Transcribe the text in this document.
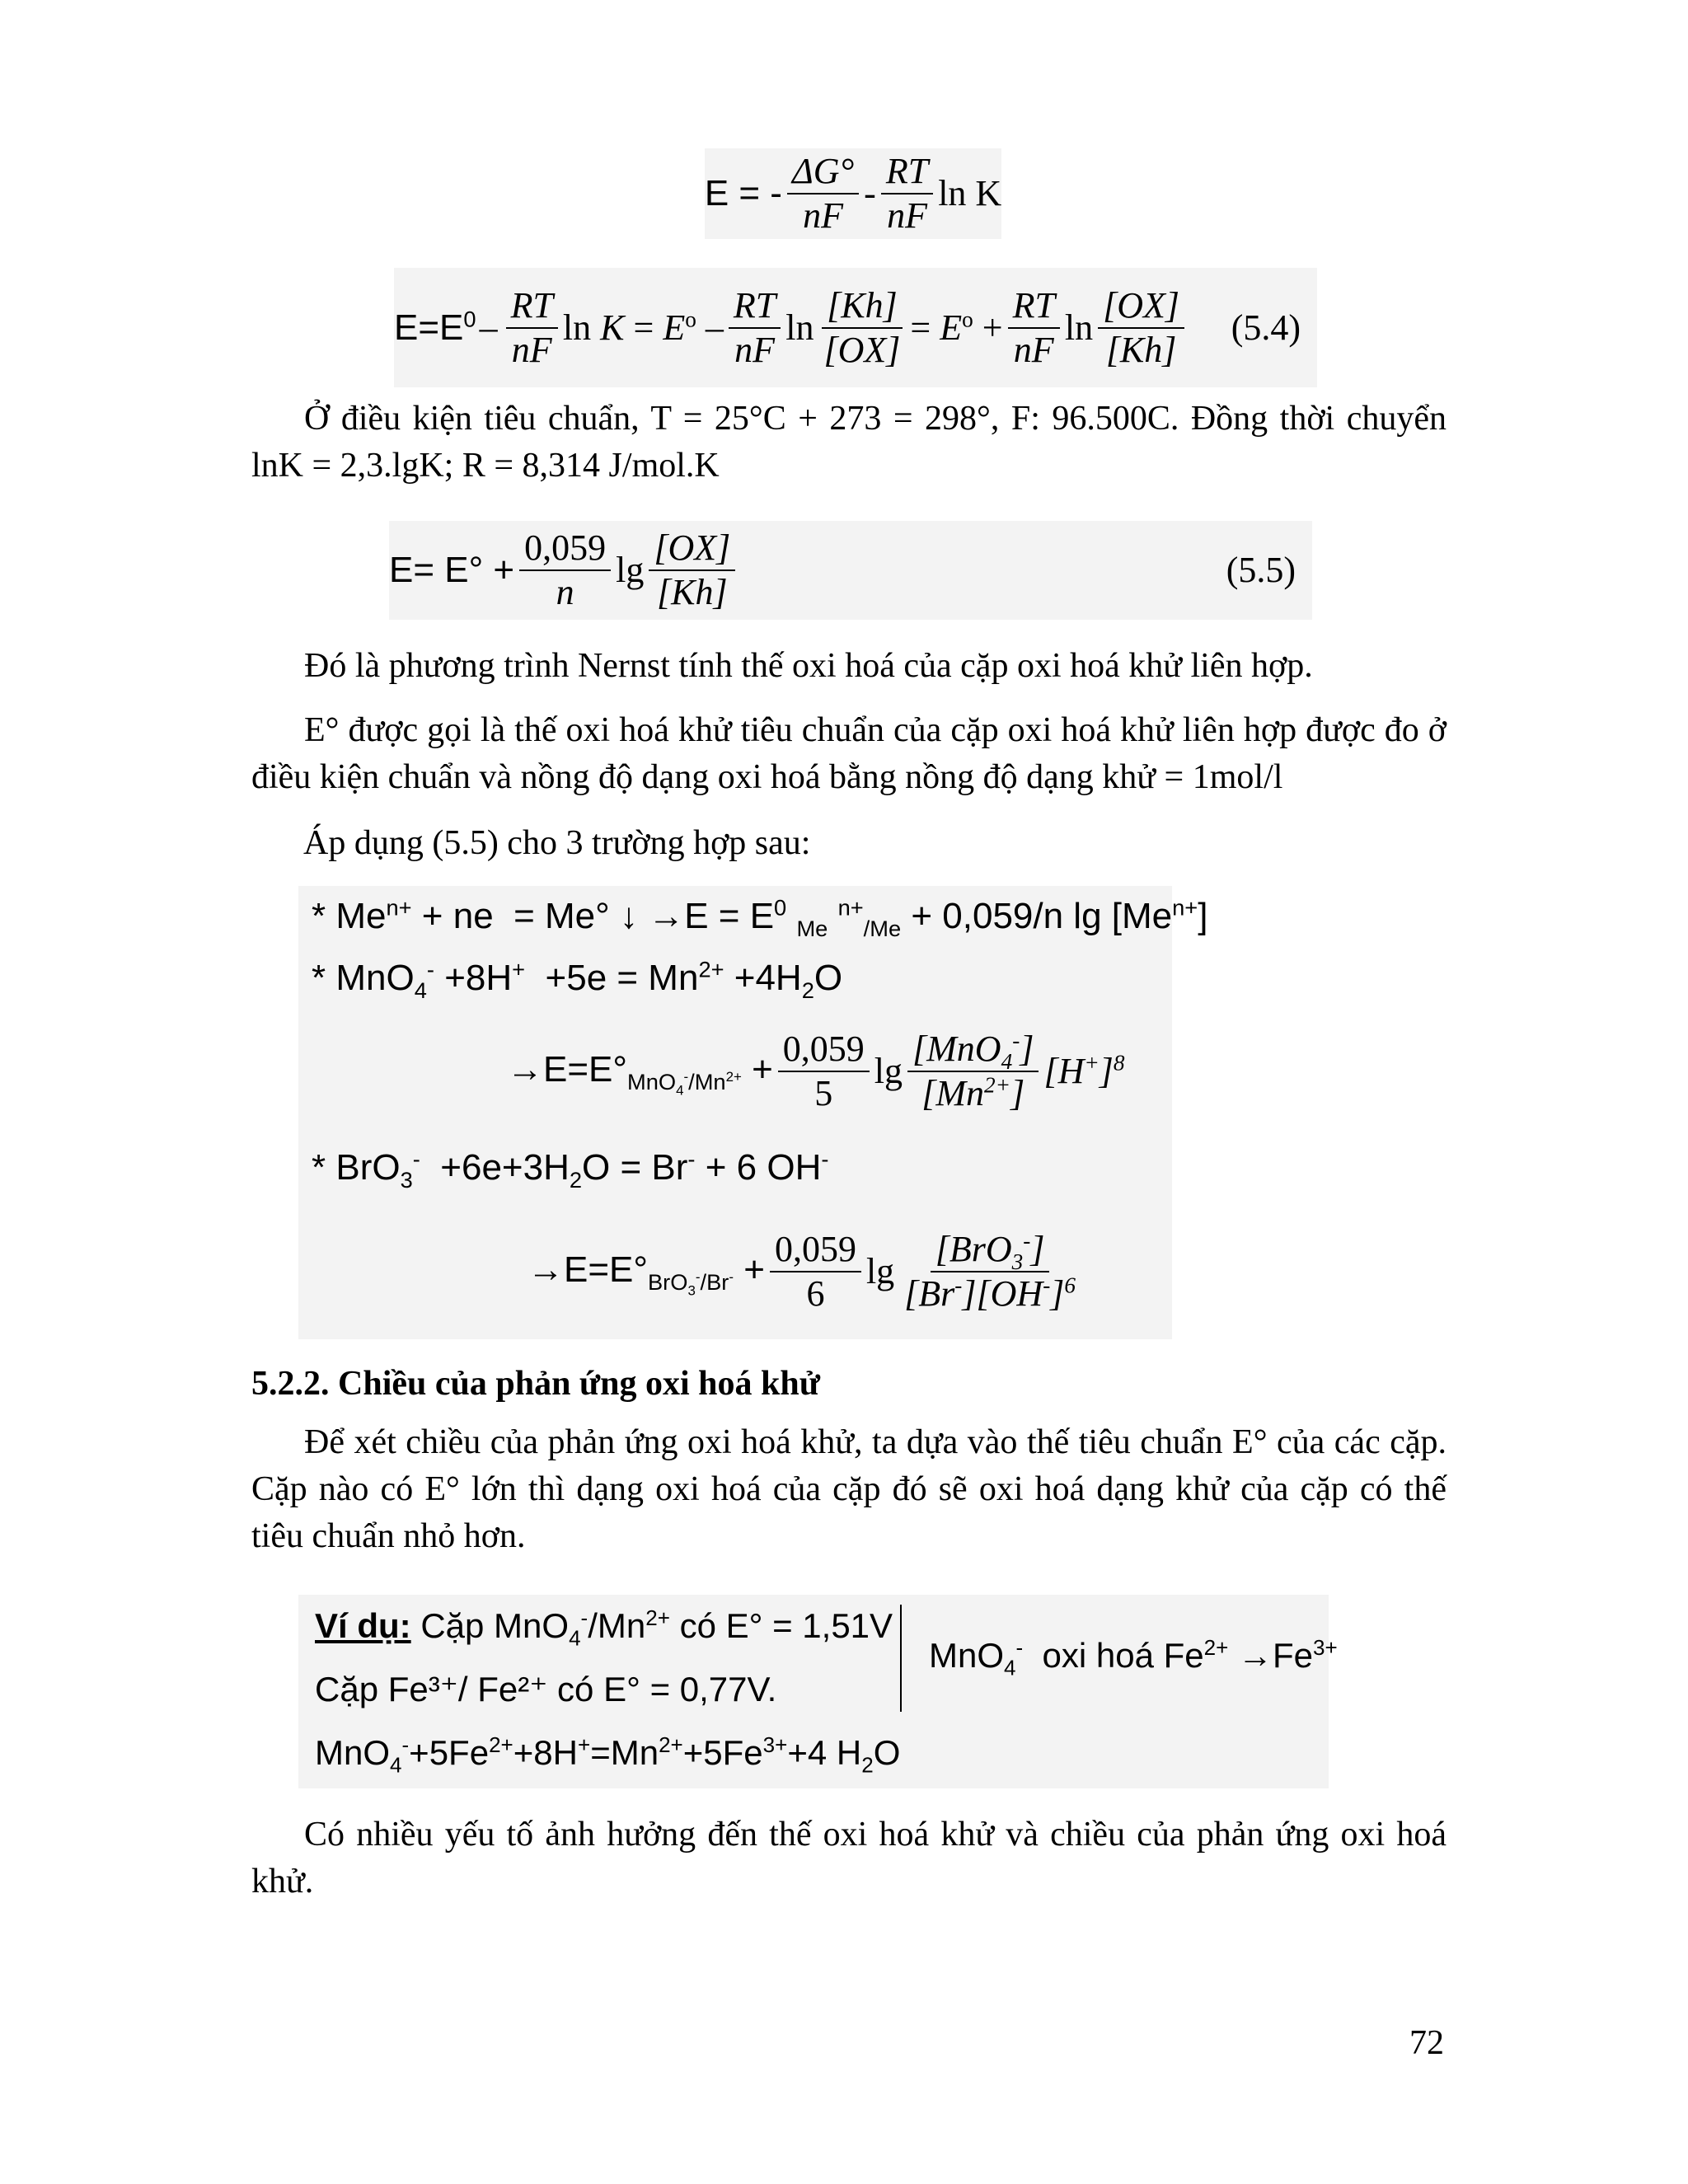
E = - $\frac{\Delta G^\circ}{nF} - \frac{RT}{nF}$ ln K
$E=E^0 - \frac{RT}{nF}$ $\ln K = E^o - \frac{RT}{nF}$ $\ln \frac{[Kh]}{[OX]} = E^o + \frac{RT}{nF}$ $\ln \frac{[OX]}{[Kh]} (5.4)$
Ở điều kiện tiêu chuẩn, T = 25°C + 273 = 298°, F: 96.500C. Đồng thời chuyển lnK = 2,3.lgK; R = 8,314 J/mol.K
$E= E^\circ + \frac{0,059}{n}$ $\lg \frac{[OX]}{[Kh]}$	(5.5)
Đó là phương trình Nernst tính thế oxi hoá của cặp oxi hoá khử liên hợp.
E° được gọi là thế oxi hoá khử tiêu chuẩn của cặp oxi hoá khử liên hợp được đo ở điều kiện chuẩn và nồng độ dạng oxi hoá bằng nồng độ dạng khử = 1mol/l
Áp dụng (5.5) cho 3 trường hợp sau:
* $Me^{n+}$ + ne  = Me° ↓ $\to E = E^0$ $_{Me}$ $^{n+}_{/Me}$ + 0,059/n $\lg [Me^{n+}]$
* $MnO_4^- +8H^+ +5e = Mn^{2+} +4H_2O$
$\to E=E^\circ_{MnO_4^-/Mn^{2+}} + \frac{0,059}{5}$ $\lg \frac{[MnO_4^-]}{[Mn^{2+}]} [H^+]^8$
* $BrO_3^- +6e+3H_2O = Br^- + 6$ OH-
$\to E=E^\circ_{BrO_3^-/Br^-} + \frac{0,059}{6}$ $\lg \frac{[BrO_3^-]}{[Br^-][OH^-]^6}$
5.2.2. Chiều của phản ứng oxi hoá khử
Để xét chiều của phản ứng oxi hoá khử, ta dựa vào thế tiêu chuẩn E° của các cặp. Cặp nào có E° lớn thì dạng oxi hoá của cặp đó sẽ oxi hoá dạng khử của cặp có thế tiêu chuẩn nhỏ hơn.
Ví dụ: Cặp $MnO_4^-/Mn^{2+}$ có E° = 1,51V
Cặp Fe³⁺/ Fe²⁺ có E° = 0,77V.
$MnO_4^-+5Fe^{2+}+8H^+=Mn^{2+}+5Fe^{3+}+4$ $H_2O$
MnO$_4$-  oxi hoá $Fe^{2+} \to Fe^{3+}$
Có nhiều yếu tố ảnh hưởng đến thế oxi hoá khử và chiều của phản ứng oxi hoá khử.
72
